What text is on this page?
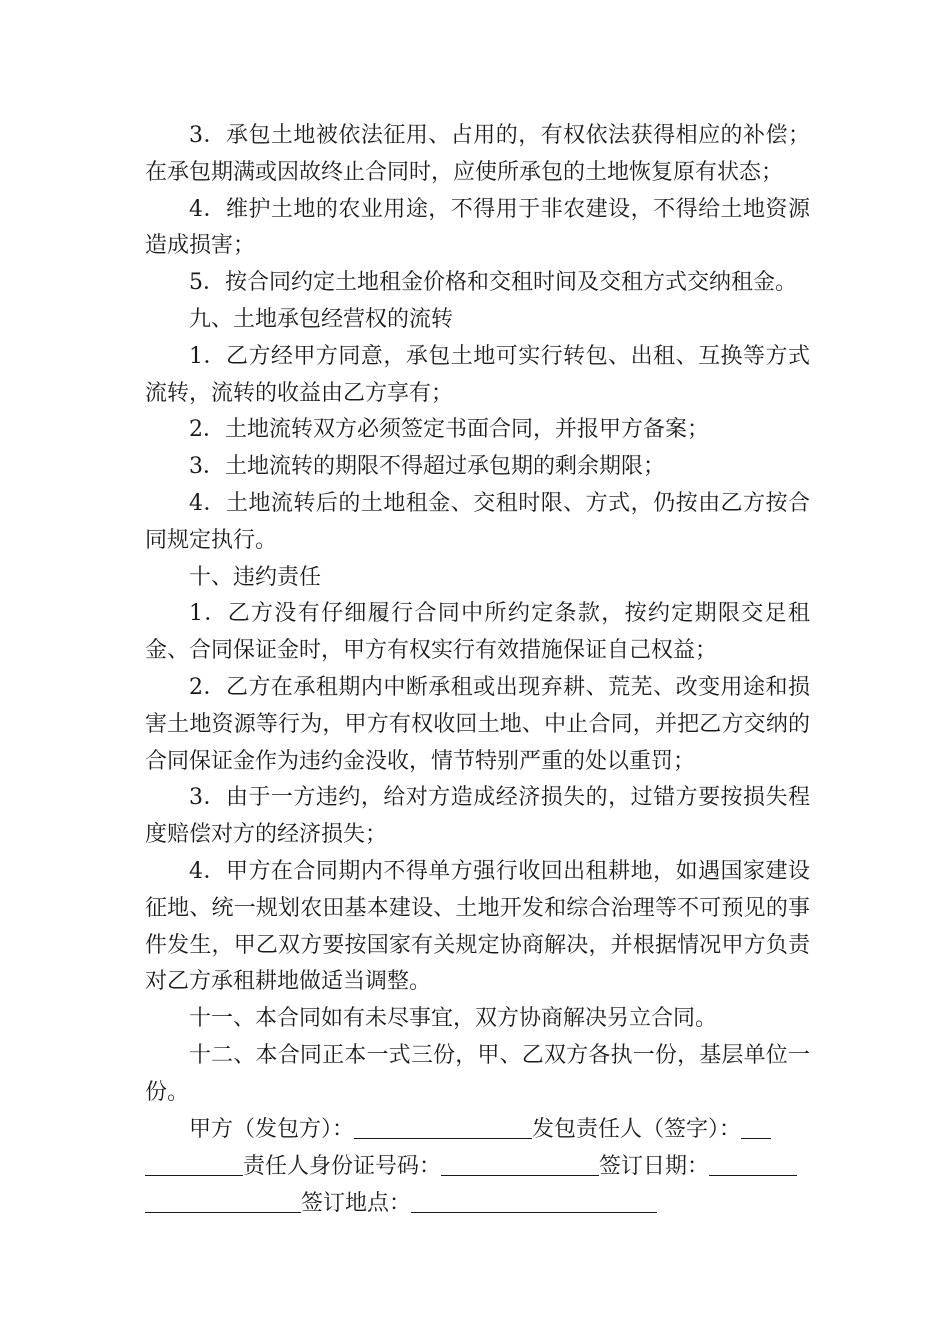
3．承包土地被依法征用、占用的，有权依法获得相应的补偿；在承包期满或因故终止合同时，应使所承包的土地恢复原有状态；

4．维护土地的农业用途，不得用于非农建设，不得给土地资源造成损害；

5．按合同约定土地租金价格和交租时间及交租方式交纳租金。

九、土地承包经营权的流转

1．乙方经甲方同意，承包土地可实行转包、出租、互换等方式流转，流转的收益由乙方享有；

2．土地流转双方必须签定书面合同，并报甲方备案；

3．土地流转的期限不得超过承包期的剩余期限；

4．土地流转后的土地租金、交租时限、方式，仍按由乙方按合同规定执行。

十、违约责任

1．乙方没有仔细履行合同中所约定条款，按约定期限交足租金、合同保证金时，甲方有权实行有效措施保证自己权益；

2．乙方在承租期内中断承租或出现弃耕、荒芜、改变用途和损害土地资源等行为，甲方有权收回土地、中止合同，并把乙方交纳的合同保证金作为违约金没收，情节特别严重的处以重罚；

3．由于一方违约，给对方造成经济损失的，过错方要按损失程度赔偿对方的经济损失；

4．甲方在合同期内不得单方强行收回出租耕地，如遇国家建设征地、统一规划农田基本建设、土地开发和综合治理等不可预见的事件发生，甲乙双方要按国家有关规定协商解决，并根据情况甲方负责对乙方承租耕地做适当调整。

十一、本合同如有未尽事宜，双方协商解决另立合同。

十二、本合同正本一式三份，甲、乙双方各执一份，基层单位一份。

甲方（发包方）：	发包责任人（签字）：
责任人身份证号码：	签订日期：
签订地点：
